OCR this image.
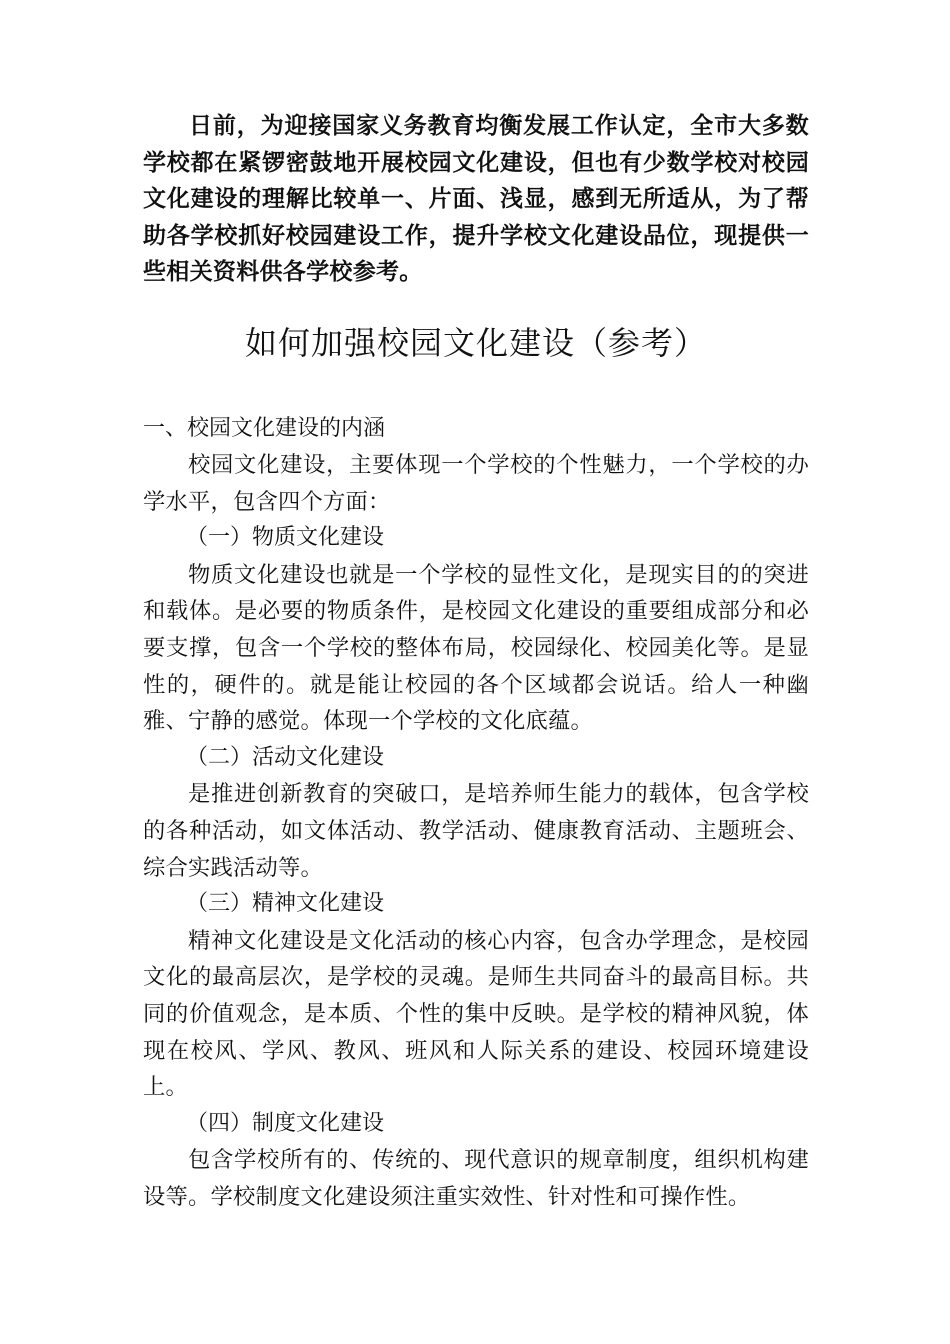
日前，为迎接国家义务教育均衡发展工作认定，全市大多数学校都在紧锣密鼓地开展校园文化建设，但也有少数学校对校园文化建设的理解比较单一、片面、浅显，感到无所适从，为了帮助各学校抓好校园建设工作，提升学校文化建设品位，现提供一些相关资料供各学校参考。

如何加强校园文化建设（参考）

一、校园文化建设的内涵

校园文化建设，主要体现一个学校的个性魅力，一个学校的办学水平，包含四个方面：

（一）物质文化建设

物质文化建设也就是一个学校的显性文化，是现实目的的突进和载体。是必要的物质条件，是校园文化建设的重要组成部分和必要支撑，包含一个学校的整体布局，校园绿化、校园美化等。是显性的，硬件的。就是能让校园的各个区域都会说话。给人一种幽雅、宁静的感觉。体现一个学校的文化底蕴。

（二）活动文化建设

是推进创新教育的突破口，是培养师生能力的载体，包含学校的各种活动，如文体活动、教学活动、健康教育活动、主题班会、综合实践活动等。

（三）精神文化建设

精神文化建设是文化活动的核心内容，包含办学理念，是校园文化的最高层次，是学校的灵魂。是师生共同奋斗的最高目标。共同的价值观念，是本质、个性的集中反映。是学校的精神风貌，体现在校风、学风、教风、班风和人际关系的建设、校园环境建设上。

（四）制度文化建设

包含学校所有的、传统的、现代意识的规章制度，组织机构建设等。学校制度文化建设须注重实效性、针对性和可操作性。
